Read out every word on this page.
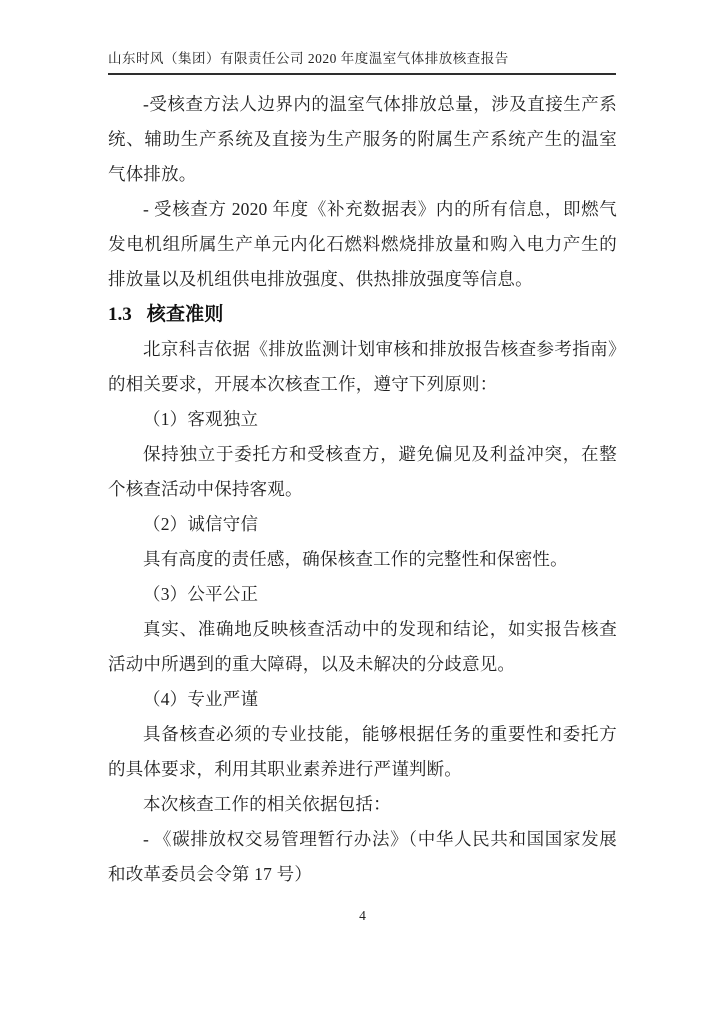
山东时风（集团）有限责任公司 2020 年度温室气体排放核查报告

-受核查方法人边界内的温室气体排放总量，涉及直接生产系统、辅助生产系统及直接为生产服务的附属生产系统产生的温室气体排放。

- 受核查方 2020 年度《补充数据表》内的所有信息，即燃气发电机组所属生产单元内化石燃料燃烧排放量和购入电力产生的排放量以及机组供电排放强度、供热排放强度等信息。

1.3 核查准则

北京科吉依据《排放监测计划审核和排放报告核查参考指南》的相关要求，开展本次核查工作，遵守下列原则：

（1）客观独立

保持独立于委托方和受核查方，避免偏见及利益冲突，在整个核查活动中保持客观。

（2）诚信守信

具有高度的责任感，确保核查工作的完整性和保密性。

（3）公平公正

真实、准确地反映核查活动中的发现和结论，如实报告核查活动中所遇到的重大障碍，以及未解决的分歧意见。

（4）专业严谨

具备核查必须的专业技能，能够根据任务的重要性和委托方的具体要求，利用其职业素养进行严谨判断。

本次核查工作的相关依据包括：

- 《碳排放权交易管理暂行办法》（中华人民共和国国家发展和改革委员会令第 17 号）

4
